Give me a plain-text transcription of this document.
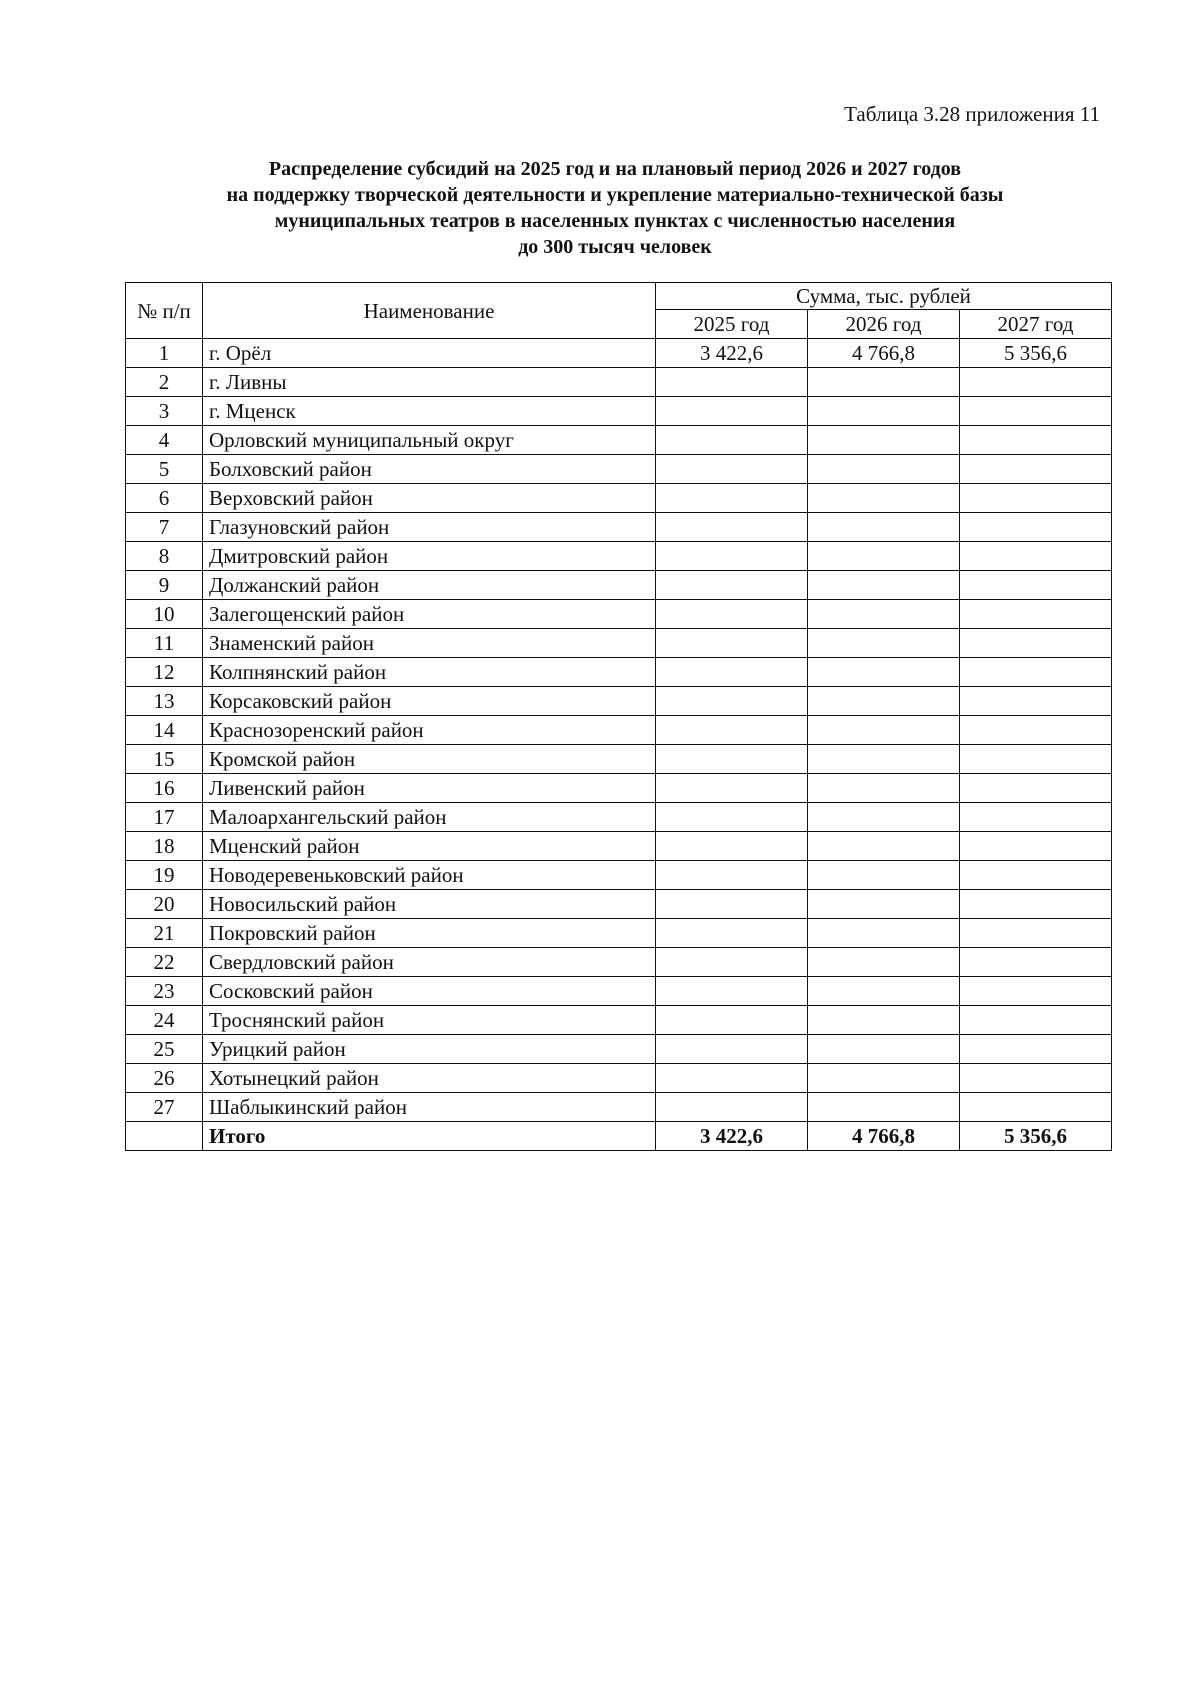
Таблица 3.28 приложения 11
Распределение субсидий на 2025 год и на плановый период 2026 и 2027 годов
на поддержку творческой деятельности и укрепление материально-технической базы
муниципальных театров в населенных пунктах с численностью населения
до 300 тысяч человек
№ п/п	Наименование	Сумма, тыс. рублей		
		2025 год	2026 год	2027 год
1	г. Орёл	3 422,6	4 766,8	5 356,6
2	г. Ливны			
3	г. Мценск			
4	Орловский муниципальный округ			
5	Болховский район			
6	Верховский район			
7	Глазуновский район			
8	Дмитровский район			
9	Должанский район			
10	Залегощенский район			
11	Знаменский район			
12	Колпнянский район			
13	Корсаковский район			
14	Краснозоренский район			
15	Кромской район			
16	Ливенский район			
17	Малоархангельский район			
18	Мценский район			
19	Новодеревеньковский район			
20	Новосильский район			
21	Покровский район			
22	Свердловский район			
23	Сосковский район			
24	Троснянский район			
25	Урицкий район			
26	Хотынецкий район			
27	Шаблыкинский район			
	Итого	3 422,6	4 766,8	5 356,6
